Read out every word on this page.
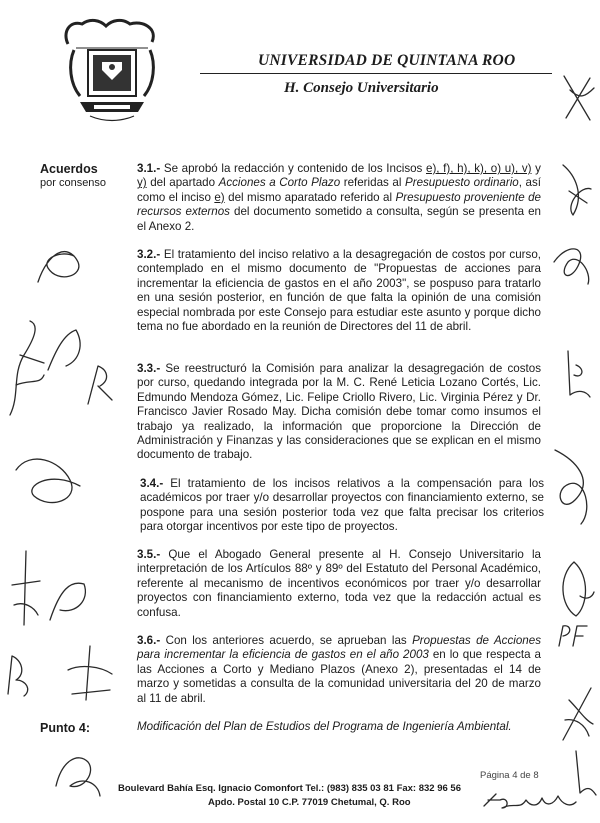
UNIVERSIDAD DE QUINTANA ROO
H. Consejo Universitario
Acuerdos
por consenso
3.1.- Se aprobó la redacción y contenido de los Incisos e), f), h), k), o) u), v) y y) del apartado Acciones a Corto Plazo referidas al Presupuesto ordinario, así como el inciso e) del mismo aparatado referido al Presupuesto proveniente de recursos externos del documento sometido a consulta, según se presenta en el Anexo 2.
3.2.- El tratamiento del inciso relativo a la desagregación de costos por curso, contemplado en el mismo documento de "Propuestas de acciones para incrementar la eficiencia de gastos en el año 2003", se pospuso para tratarlo en una sesión posterior, en función de que falta la opinión de una comisión especial nombrada por este Consejo para estudiar este asunto y porque dicho tema no fue abordado en la reunión de Directores del 11 de abril.
3.3.- Se reestructuró la Comisión para analizar la desagregación de costos por curso, quedando integrada por la M. C. René Leticia Lozano Cortés, Lic. Edmundo Mendoza Gómez, Lic. Felipe Criollo Rivero, Lic. Virginia Pérez y Dr. Francisco Javier Rosado May. Dicha comisión debe tomar como insumos el trabajo ya realizado, la información que proporcione la Dirección de Administración y Finanzas y las consideraciones que se explican en el mismo documento de trabajo.
3.4.- El tratamiento de los incisos relativos a la compensación para los académicos por traer y/o desarrollar proyectos con financiamiento externo, se pospone para una sesión posterior toda vez que falta precisar los criterios para otorgar incentivos por este tipo de proyectos.
3.5.- Que el Abogado General presente al H. Consejo Universitario la interpretación de los Artículos 88º y 89º del Estatuto del Personal Académico, referente al mecanismo de incentivos económicos por traer y/o desarrollar proyectos con financiamiento externo, toda vez que la redacción actual es confusa.
3.6.- Con los anteriores acuerdo, se aprueban las Propuestas de Acciones para incrementar la eficiencia de gastos en el año 2003 en lo que respecta a las Acciones a Corto y Mediano Plazos (Anexo 2), presentadas el 14 de marzo y sometidas a consulta de la comunidad universitaria del 20 de marzo al 11 de abril.
Punto 4:	Modificación del Plan de Estudios del Programa de Ingeniería Ambiental.
Página 4 de 8
Boulevard Bahía Esq. Ignacio Comonfort Tel.: (983) 835 03 81 Fax: 832 96 56
Apdo. Postal 10 C.P. 77019 Chetumal, Q. Roo
